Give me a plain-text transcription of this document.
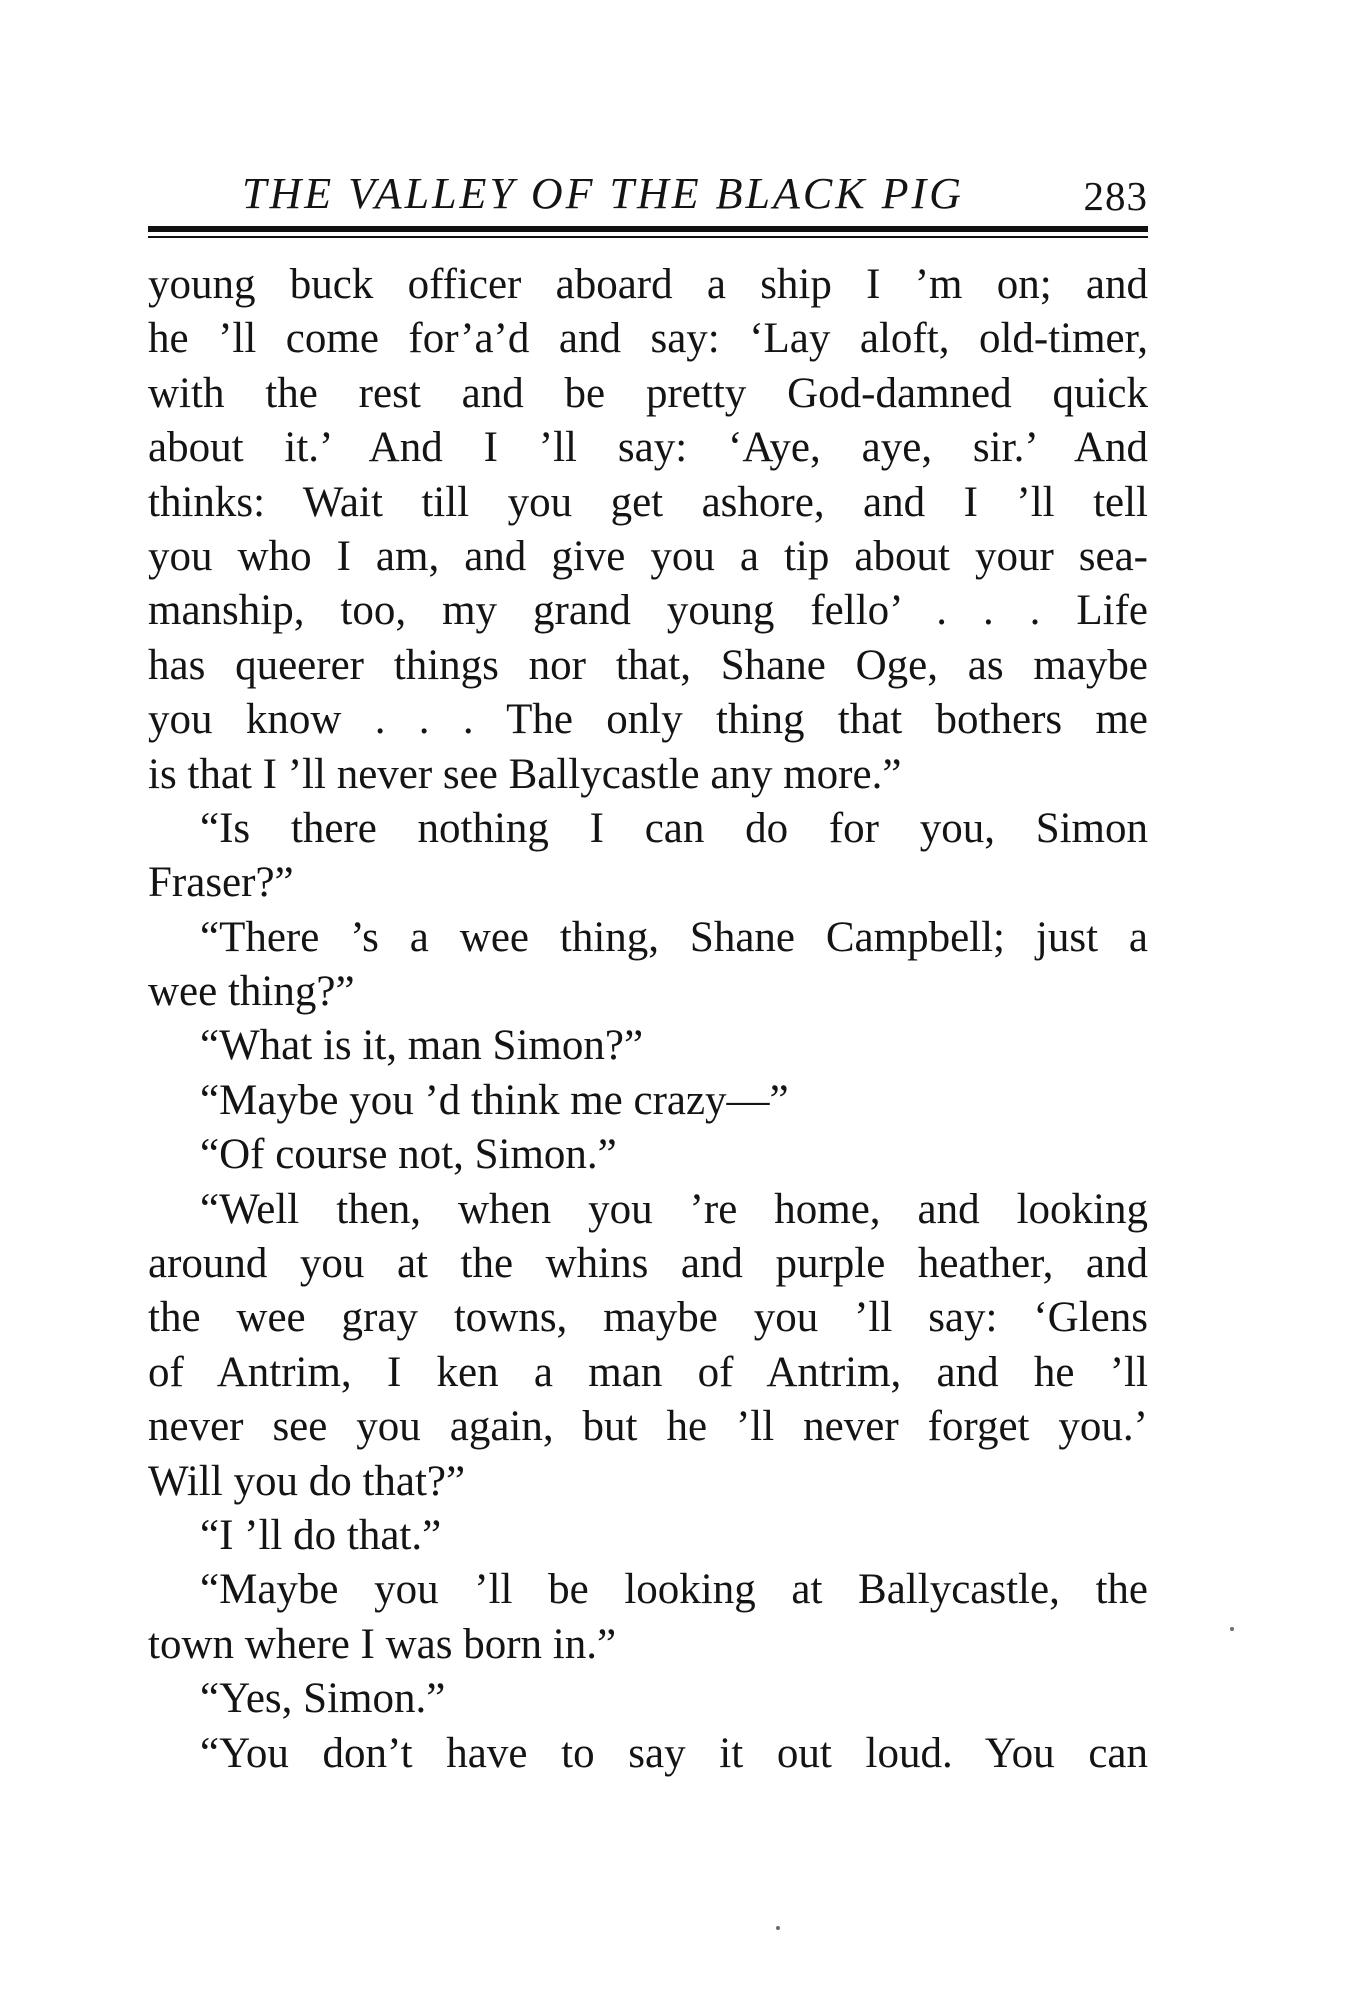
THE VALLEY OF THE BLACK PIG	283
young buck officer aboard a ship I ’m on; and
he ’ll come for’a’d and say: ‘Lay aloft, old-timer,
with the rest and be pretty God-damned quick
about it.’ And I ’ll say: ‘Aye, aye, sir.’ And
thinks: Wait till you get ashore, and I ’ll tell
you who I am, and give you a tip about your sea-
manship, too, my grand young fello’ . . . Life
has queerer things nor that, Shane Oge, as maybe
you know . . . The only thing that bothers me
is that I ’ll never see Ballycastle any more.”
“Is there nothing I can do for you, Simon
Fraser?”
“There ’s a wee thing, Shane Campbell; just a
wee thing?”
“What is it, man Simon?”
“Maybe you ’d think me crazy—”
“Of course not, Simon.”
“Well then, when you ’re home, and looking
around you at the whins and purple heather, and
the wee gray towns, maybe you ’ll say: ‘Glens
of Antrim, I ken a man of Antrim, and he ’ll
never see you again, but he ’ll never forget you.’
Will you do that?”
“I ’ll do that.”
“Maybe you ’ll be looking at Ballycastle, the
town where I was born in.”
“Yes, Simon.”
“You don’t have to say it out loud. You can
